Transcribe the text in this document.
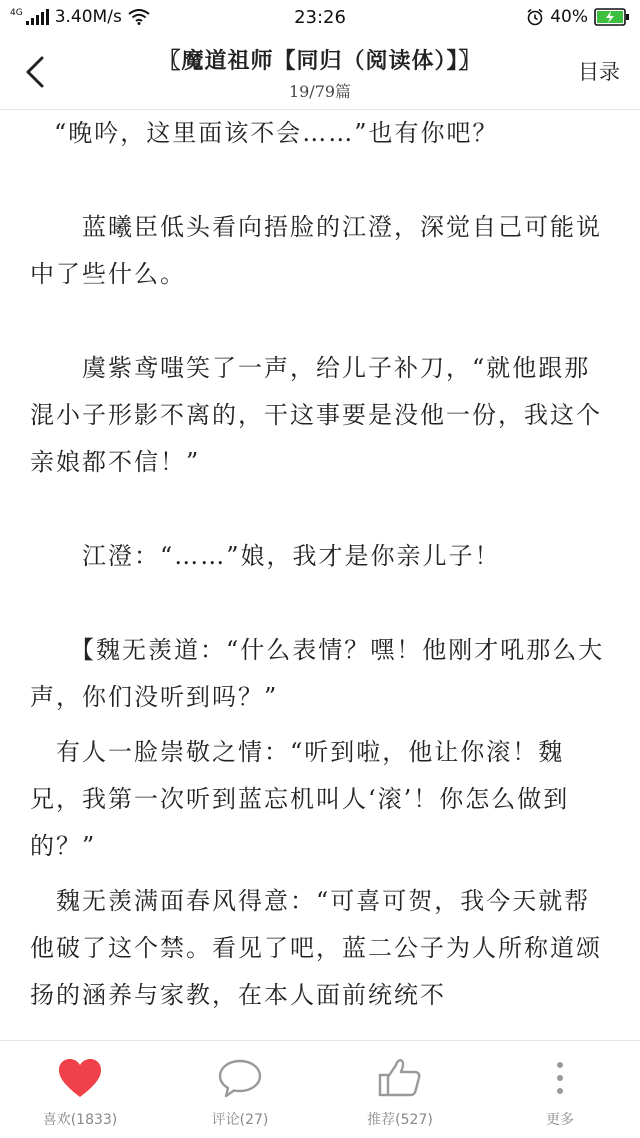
4G 3.40M/s	23:26	40%
〖魔道祖师【同归（阅读体）】〗
19/79篇
目录

“晚吟，这里面该不会……”也有你吧？

　　蓝曦臣低头看向捂脸的江澄，深觉自己可能说中了些什么。

　　虞紫鸢嗤笑了一声，给儿子补刀，“就他跟那混小子形影不离的，干这事要是没他一份，我这个亲娘都不信！”

　　江澄：“……”娘，我才是你亲儿子！

　　【魏无羡道：“什么表情？嘿！他刚才吼那么大声，你们没听到吗？”

　有人一脸崇敬之情：“听到啦，他让你滚！魏兄，我第一次听到蓝忘机叫人‘滚’！你怎么做到的？”

　魏无羡满面春风得意：“可喜可贺，我今天就帮他破了这个禁。看见了吧，蓝二公子为人所称道颂扬的涵养与家教，在本人面前统统不

喜欢(1833)	评论(27)	推荐(527)	更多
